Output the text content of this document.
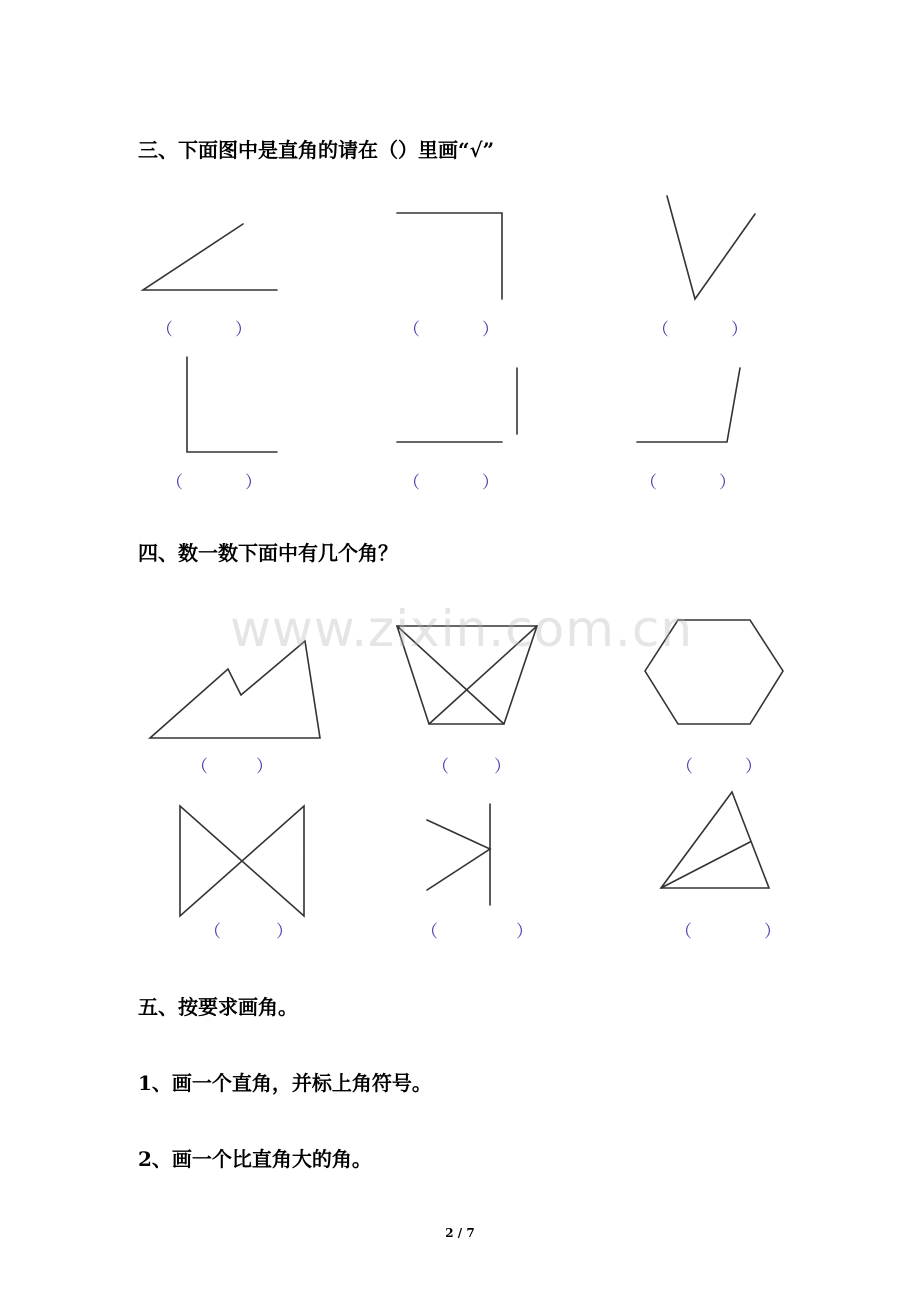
三、下面图中是直角的请在（）里画“√”
（	）	（	）	（	）
（	）	（	）	（	）
四、数一数下面中有几个角？
（	）	（	）	（	）
（	）	（	）	（	）
www.zixin.com.cn
五、按要求画角。
1、画一个直角，并标上角符号。
2、画一个比直角大的角。
2 / 7
